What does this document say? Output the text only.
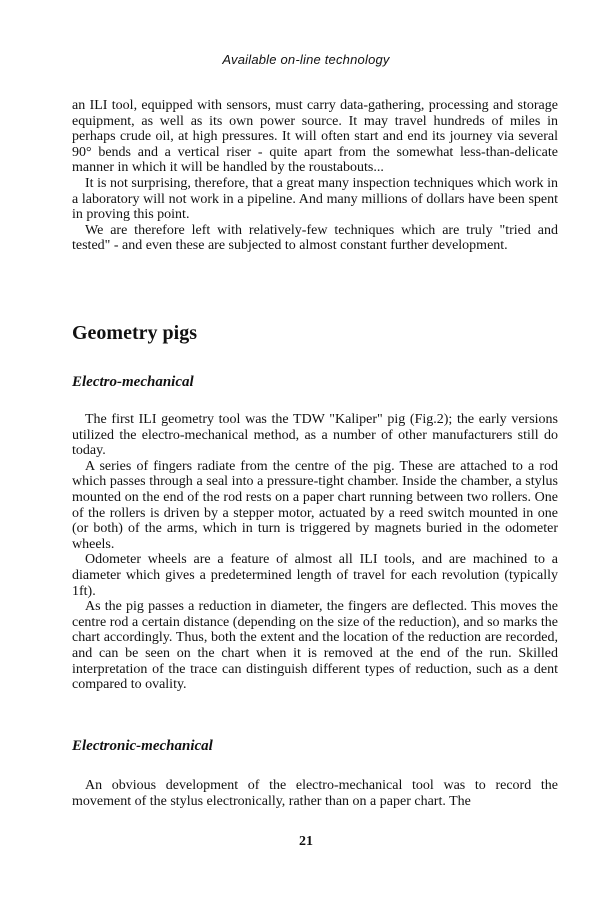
Available on-line technology

an ILI tool, equipped with sensors, must carry data-gathering, processing and storage equipment, as well as its own power source. It may travel hundreds of miles in perhaps crude oil, at high pressures. It will often start and end its journey via several 90° bends and a vertical riser - quite apart from the somewhat less-than-delicate manner in which it will be handled by the roustabouts...

It is not surprising, therefore, that a great many inspection techniques which work in a laboratory will not work in a pipeline. And many millions of dollars have been spent in proving this point.

We are therefore left with relatively-few techniques which are truly "tried and tested" - and even these are subjected to almost constant further development.

Geometry pigs
Electro-mechanical

The first ILI geometry tool was the TDW "Kaliper" pig (Fig.2); the early versions utilized the electro-mechanical method, as a number of other manufacturers still do today.

A series of fingers radiate from the centre of the pig. These are attached to a rod which passes through a seal into a pressure-tight chamber. Inside the chamber, a stylus mounted on the end of the rod rests on a paper chart running between two rollers. One of the rollers is driven by a stepper motor, actuated by a reed switch mounted in one (or both) of the arms, which in turn is triggered by magnets buried in the odometer wheels.

Odometer wheels are a feature of almost all ILI tools, and are machined to a diameter which gives a predetermined length of travel for each revolution (typically 1ft).

As the pig passes a reduction in diameter, the fingers are deflected. This moves the centre rod a certain distance (depending on the size of the reduction), and so marks the chart accordingly. Thus, both the extent and the location of the reduction are recorded, and can be seen on the chart when it is removed at the end of the run. Skilled interpretation of the trace can distinguish different types of reduction, such as a dent compared to ovality.

Electronic-mechanical

An obvious development of the electro-mechanical tool was to record the movement of the stylus electronically, rather than on a paper chart. The

21
